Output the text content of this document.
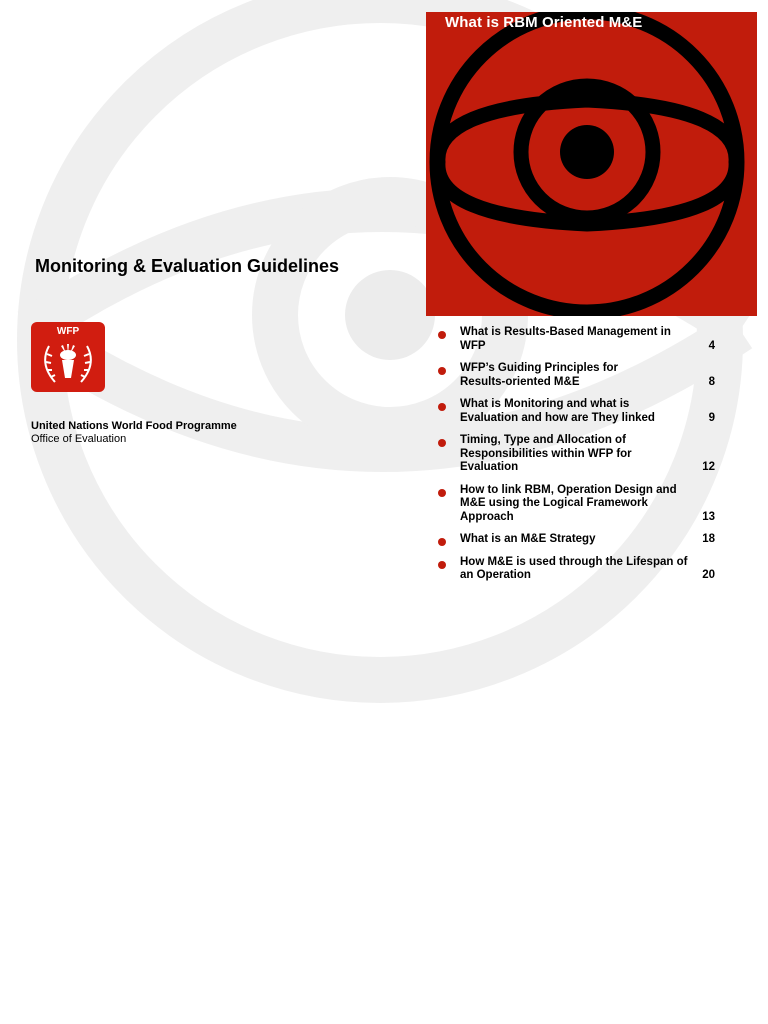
What is RBM Oriented M&E
Monitoring & Evaluation Guidelines
WFP
United Nations World Food Programme
Office of Evaluation
What is Results-Based Management in
WFP	4
WFP’s Guiding Principles for
Results-oriented M&E	8
What is Monitoring and what is
Evaluation and how are They linked	9
Timing, Type and Allocation of
Responsibilities within WFP for
Evaluation	12
How to link RBM, Operation Design and
M&E using the Logical Framework
Approach	13
What is an M&E Strategy	18
How M&E is used through the Lifespan of
an Operation	20
